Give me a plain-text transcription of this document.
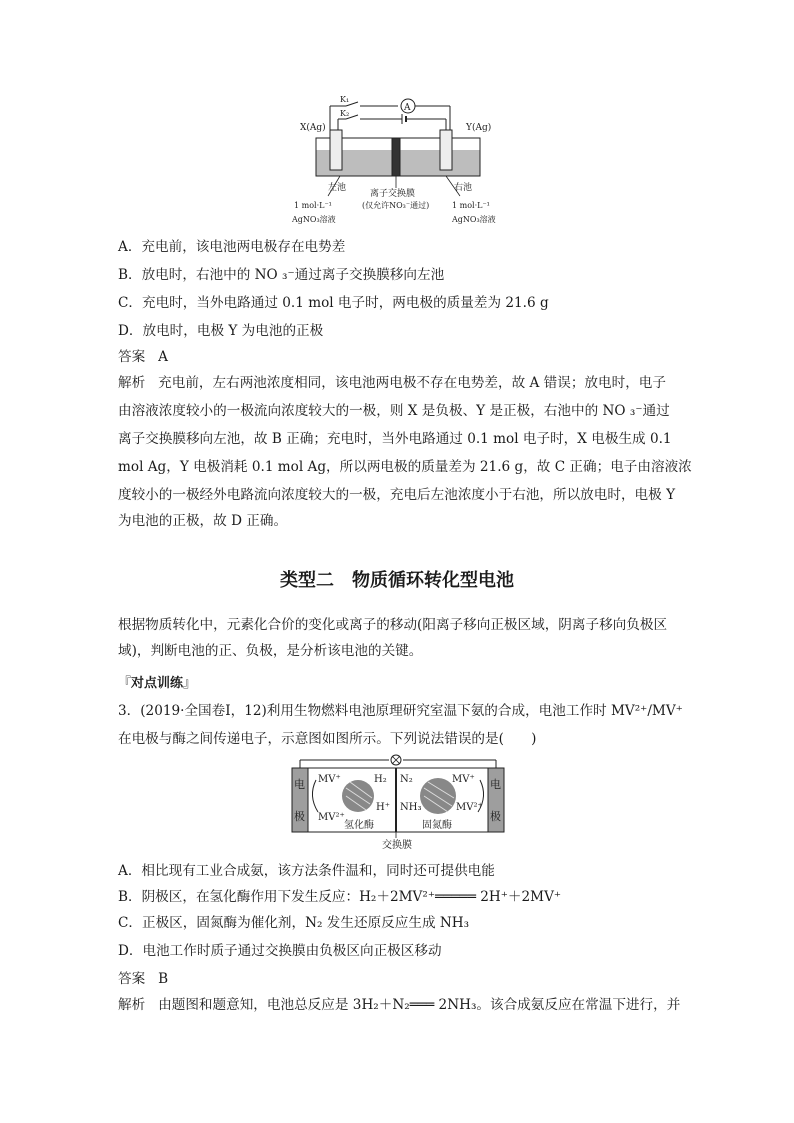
A
K₁
K₂
X(Ag)	Y(Ag)
左池	右池
离子交换膜
(仅允许NO₃⁻通过)
1 mol·L⁻¹
AgNO₃溶液
1 mol·L⁻¹
AgNO₃溶液
A．充电前，该电池两电极存在电势差
B．放电时，右池中的 NO ₃⁻通过离子交换膜移向左池
C．充电时，当外电路通过 0.1 mol 电子时，两电极的质量差为 21.6 g
D．放电时，电极 Y 为电池的正极
答案 A
解析 充电前，左右两池浓度相同，该电池两电极不存在电势差，故 A 错误；放电时，电子
由溶液浓度较小的一极流向浓度较大的一极，则 X 是负极、Y 是正极，右池中的 NO ₃⁻通过
离子交换膜移向左池，故 B 正确；充电时，当外电路通过 0.1 mol 电子时，X 电极生成 0.1
mol Ag，Y 电极消耗 0.1 mol Ag，所以两电极的质量差为 21.6 g，故 C 正确；电子由溶液浓
度较小的一极经外电路流向浓度较大的一极，充电后左池浓度小于右池，所以放电时，电极 Y
为电池的正极，故 D 正确。
类型二　物质循环转化型电池
根据物质转化中，元素化合价的变化或离子的移动(阳离子移向正极区域，阴离子移向负极区
域)，判断电池的正、负极，是分析该电池的关键。
『对点训练』
3．(2019·全国卷Ⅰ，12)利用生物燃料电池原理研究室温下氨的合成，电池工作时 MV²⁺/MV⁺
在电极与酶之间传递电子，示意图如图所示。下列说法错误的是(　　)
电
极
电
极
MV⁺
MV²⁺
H₂
H⁺
氢化酶
N₂
NH₃
MV⁺
MV²⁺
固氮酶
交换膜
A．相比现有工业合成氨，该方法条件温和，同时还可提供电能
B．阴极区，在氢化酶作用下发生反应：H₂＋2MV²⁺═════ 2H⁺＋2MV⁺
C．正极区，固氮酶为催化剂，N₂ 发生还原反应生成 NH₃
D．电池工作时质子通过交换膜由负极区向正极区移动
答案 B
解析 由题图和题意知，电池总反应是 3H₂＋N₂═══ 2NH₃。该合成氨反应在常温下进行，并
